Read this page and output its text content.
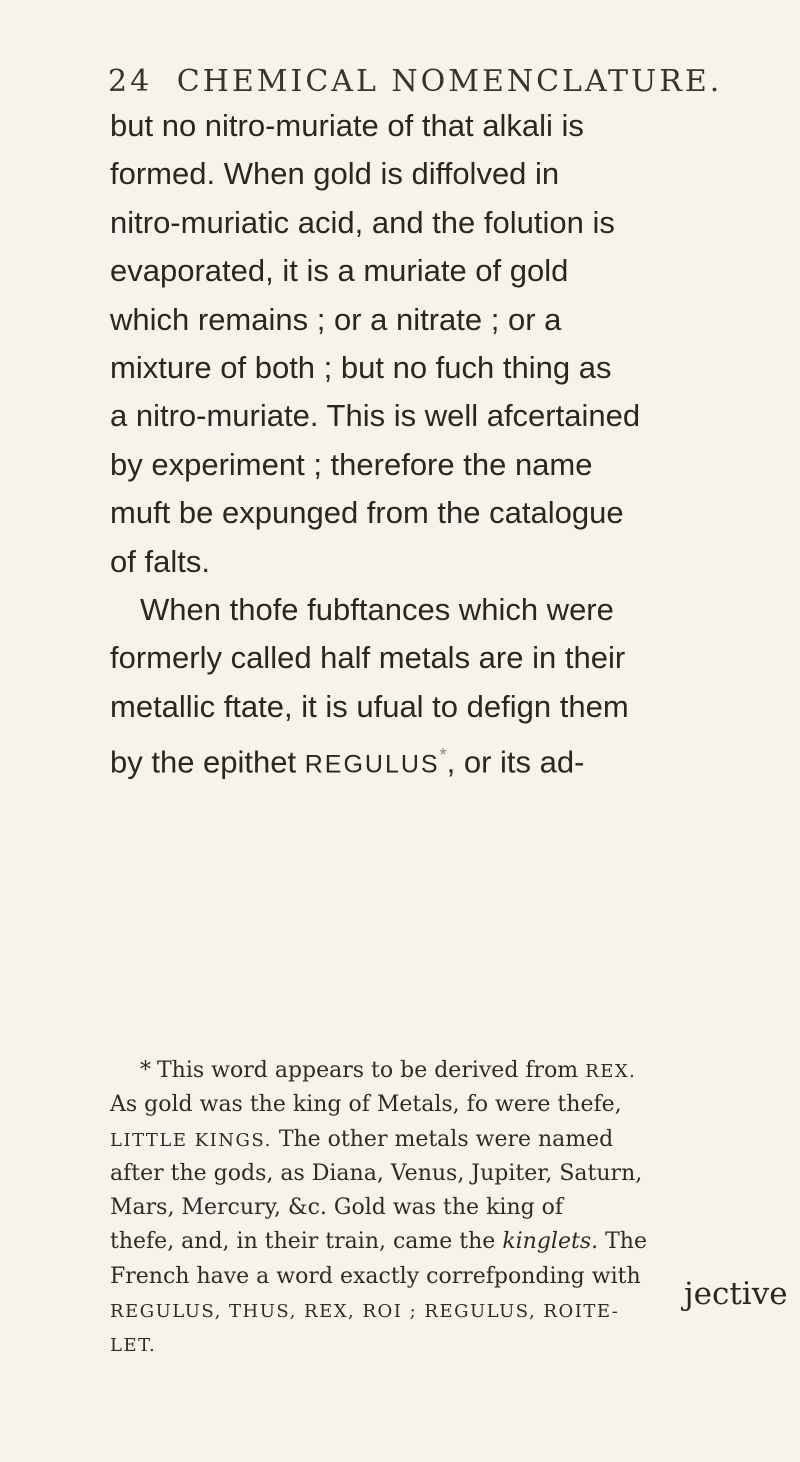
24 CHEMICAL NOMENCLATURE.
but no nitro-muriate of that alkali is
formed. When gold is diffolved in
nitro-muriatic acid, and the folution is
evaporated, it is a muriate of gold
which remains ; or a nitrate ; or a
mixture of both ; but no fuch thing as
a nitro-muriate. This is well afcertained
by experiment ; therefore the name
muft be expunged from the catalogue
of falts.
When thofe fubftances which were
formerly called half metals are in their
metallic ftate, it is ufual to defign them
by the epithet REGULUS*, or its ad-
* This word appears to be derived from REX.
As gold was the king of Metals, fo were thefe,
LITTLE KINGS. The other metals were named
after the gods, as Diana, Venus, Jupiter, Saturn,
Mars, Mercury, &c. Gold was the king of
thefe, and, in their train, came the kinglets. The
French have a word exactly correfponding with
REGULUS, THUS, REX, ROI ; REGULUS, ROITE-
LET.
jective
